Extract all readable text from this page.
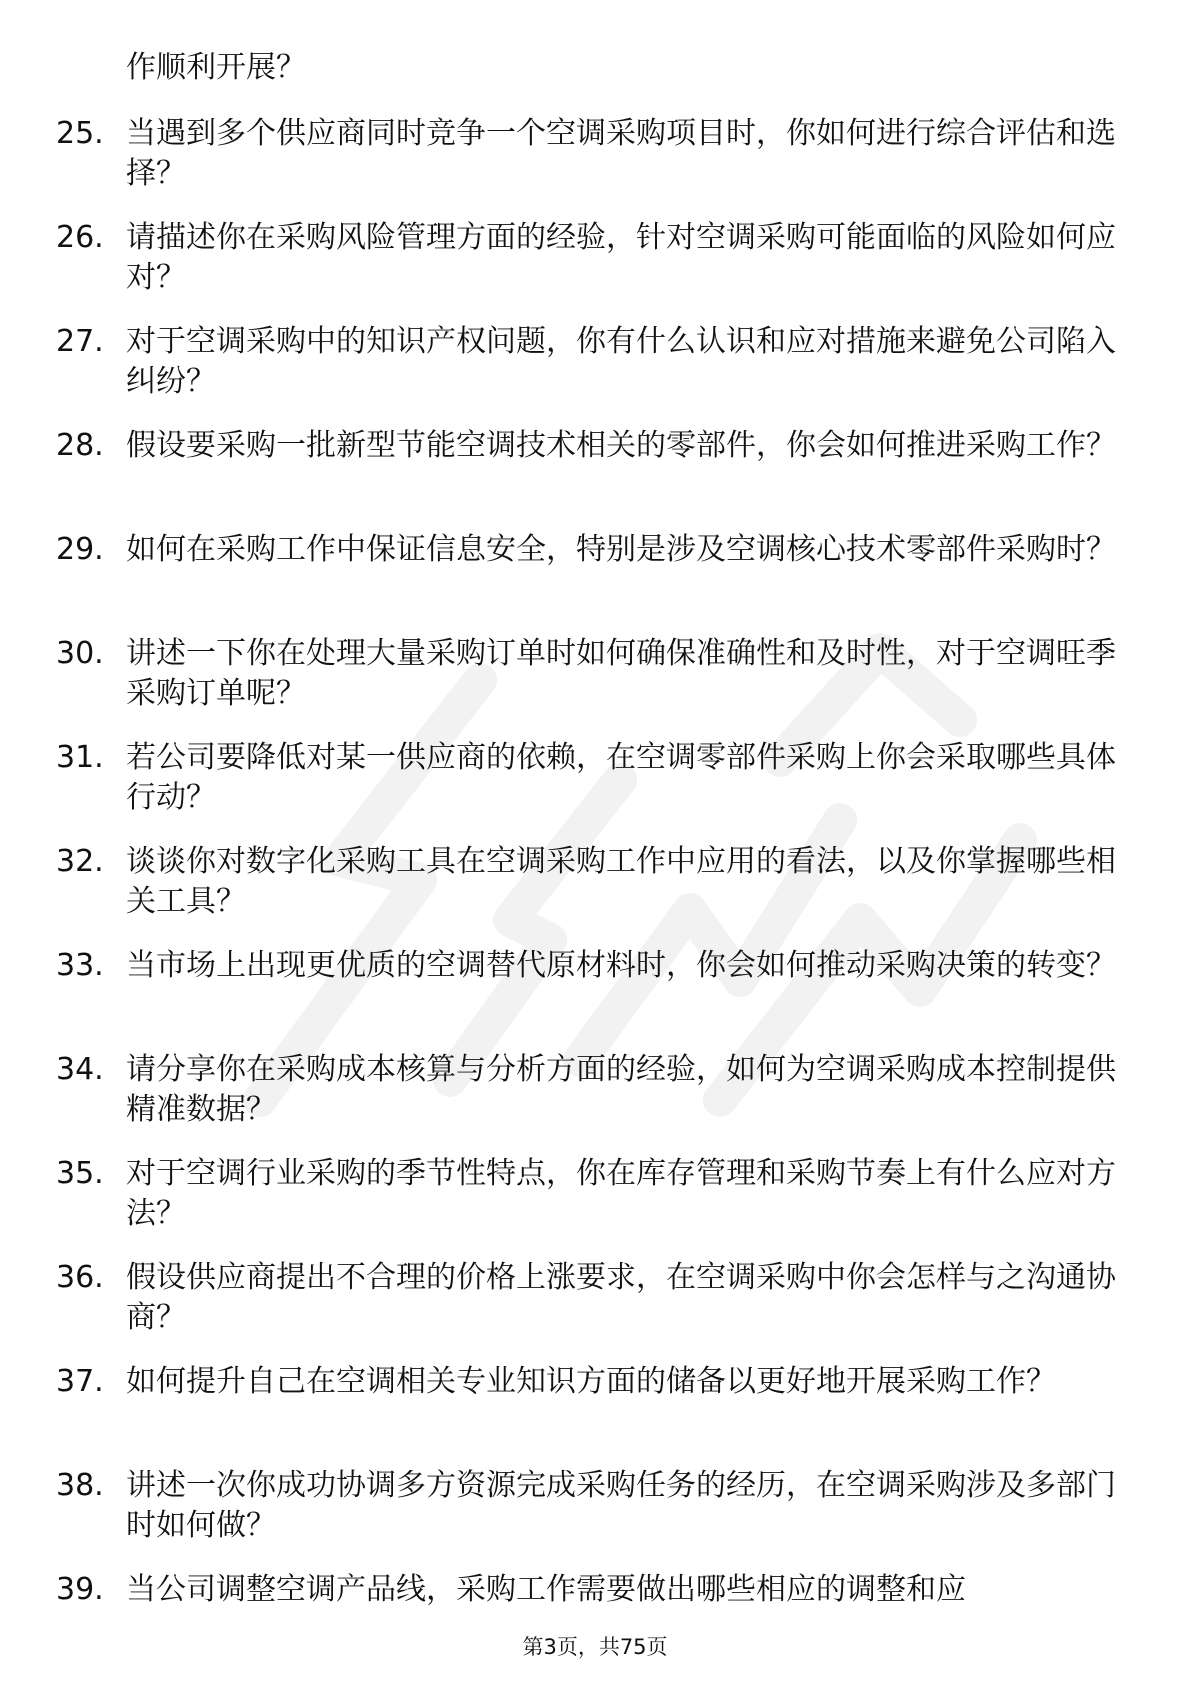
作顺利开展？
25. 当遇到多个供应商同时竞争一个空调采购项目时，你如何进行综合评估和选择？
26. 请描述你在采购风险管理方面的经验，针对空调采购可能面临的风险如何应对？
27. 对于空调采购中的知识产权问题，你有什么认识和应对措施来避免公司陷入纠纷？
28. 假设要采购一批新型节能空调技术相关的零部件，你会如何推进采购工作？
29. 如何在采购工作中保证信息安全，特别是涉及空调核心技术零部件采购时？
30. 讲述一下你在处理大量采购订单时如何确保准确性和及时性，对于空调旺季采购订单呢？
31. 若公司要降低对某一供应商的依赖，在空调零部件采购上你会采取哪些具体行动？
32. 谈谈你对数字化采购工具在空调采购工作中应用的看法，以及你掌握哪些相关工具？
33. 当市场上出现更优质的空调替代原材料时，你会如何推动采购决策的转变？
34. 请分享你在采购成本核算与分析方面的经验，如何为空调采购成本控制提供精准数据？
35. 对于空调行业采购的季节性特点，你在库存管理和采购节奏上有什么应对方法？
36. 假设供应商提出不合理的价格上涨要求，在空调采购中你会怎样与之沟通协商？
37. 如何提升自己在空调相关专业知识方面的储备以更好地开展采购工作？
38. 讲述一次你成功协调多方资源完成采购任务的经历，在空调采购涉及多部门时如何做？
39. 当公司调整空调产品线，采购工作需要做出哪些相应的调整和应
第3页，共75页
